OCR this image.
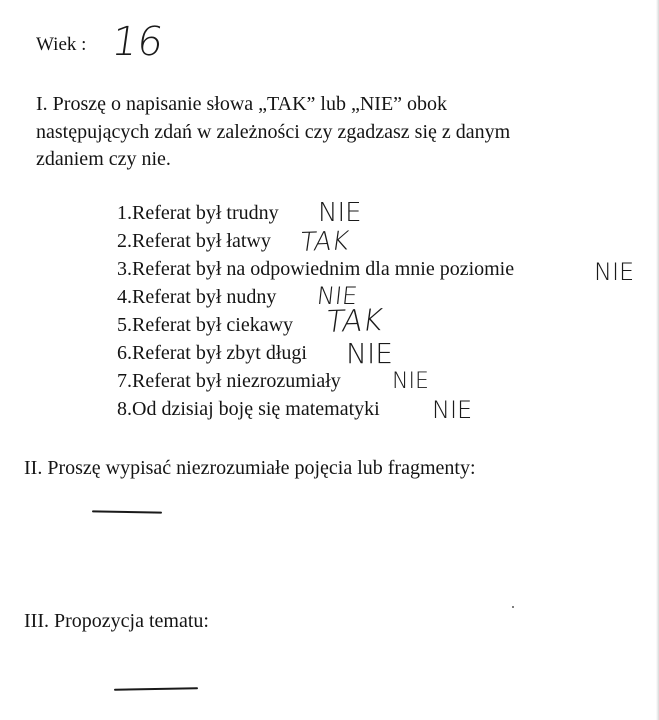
Wiek : 16
I. Proszę o napisanie słowa „TAK” lub „NIE” obok
następujących zdań w zależności czy zgadzasz się z danym
zdaniem czy nie.
1.Referat był trudny NIE
2.Referat był łatwy TAK
3.Referat był na odpowiednim dla mnie poziomie	NIE
4.Referat był nudny NIE
5.Referat był ciekawy TAK
6.Referat był zbyt długi NIE
7.Referat był niezrozumiały NIE
8.Od dzisiaj boję się matematyki NIE
II. Proszę wypisać niezrozumiałe pojęcia lub fragmenty:
III. Propozycja tematu:
